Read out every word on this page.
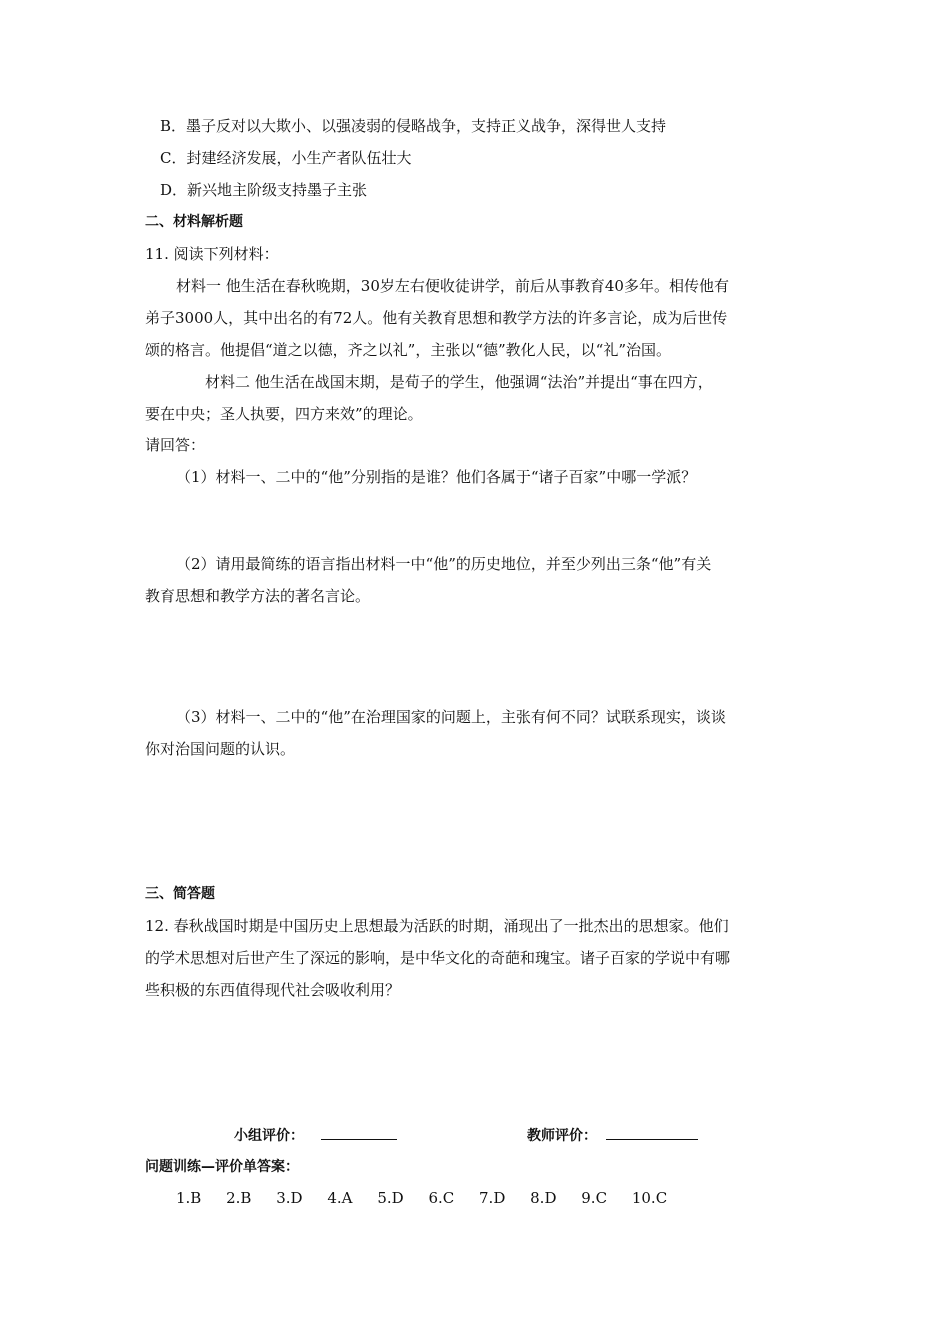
B．墨子反对以大欺小、以强凌弱的侵略战争，支持正义战争，深得世人支持
C．封建经济发展，小生产者队伍壮大
D．新兴地主阶级支持墨子主张
二、材料解析题
11. 阅读下列材料：
材料一 他生活在春秋晚期，30岁左右便收徒讲学，前后从事教育40多年。相传他有
弟子3000人，其中出名的有72人。他有关教育思想和教学方法的许多言论，成为后世传
颂的格言。他提倡“道之以德，齐之以礼”，主张以“德”教化人民，以“礼”治国。
材料二 他生活在战国末期，是荀子的学生，他强调“法治”并提出“事在四方，
要在中央；圣人执要，四方来效”的理论。
请回答：
（1）材料一、二中的“他”分别指的是谁？他们各属于“诸子百家”中哪一学派？
（2）请用最简练的语言指出材料一中“他”的历史地位，并至少列出三条“他”有关
教育思想和教学方法的著名言论。
（3）材料一、二中的“他”在治理国家的问题上，主张有何不同？试联系现实，谈谈
你对治国问题的认识。
三、简答题
12. 春秋战国时期是中国历史上思想最为活跃的时期，涌现出了一批杰出的思想家。他们
的学术思想对后世产生了深远的影响，是中华文化的奇葩和瑰宝。诸子百家的学说中有哪
些积极的东西值得现代社会吸收利用？
小组评价：	教师评价：
问题训练—评价单答案：
1.B 2.B 3.D 4.A 5.D 6.C 7.D 8.D 9.C 10.C
